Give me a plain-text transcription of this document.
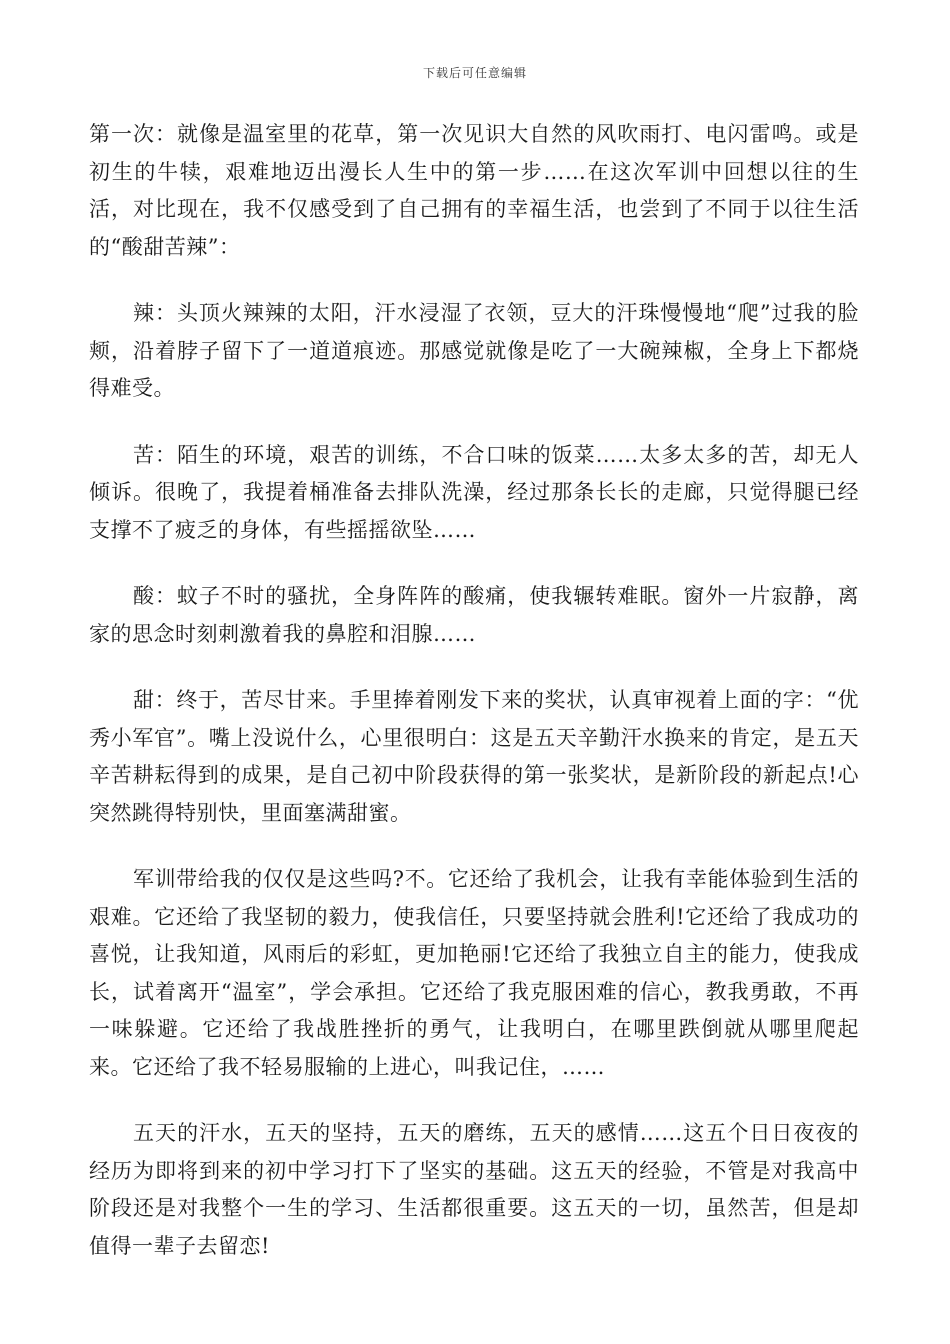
下载后可任意编辑

第一次：就像是温室里的花草，第一次见识大自然的风吹雨打、电闪雷鸣。或是初生的牛犊，艰难地迈出漫长人生中的第一步……在这次军训中回想以往的生活，对比现在，我不仅感受到了自己拥有的幸福生活，也尝到了不同于以往生活的“酸甜苦辣”：

辣：头顶火辣辣的太阳，汗水浸湿了衣领，豆大的汗珠慢慢地“爬”过我的脸颊，沿着脖子留下了一道道痕迹。那感觉就像是吃了一大碗辣椒，全身上下都烧得难受。

苦：陌生的环境，艰苦的训练，不合口味的饭菜……太多太多的苦，却无人倾诉。很晚了，我提着桶准备去排队洗澡，经过那条长长的走廊，只觉得腿已经支撑不了疲乏的身体，有些摇摇欲坠……

酸：蚊子不时的骚扰，全身阵阵的酸痛，使我辗转难眠。窗外一片寂静，离家的思念时刻刺激着我的鼻腔和泪腺……

甜：终于，苦尽甘来。手里捧着刚发下来的奖状，认真审视着上面的字：“优秀小军官”。嘴上没说什么，心里很明白：这是五天辛勤汗水换来的肯定，是五天辛苦耕耘得到的成果，是自己初中阶段获得的第一张奖状，是新阶段的新起点!心突然跳得特别快，里面塞满甜蜜。

军训带给我的仅仅是这些吗?不。它还给了我机会，让我有幸能体验到生活的艰难。它还给了我坚韧的毅力，使我信任，只要坚持就会胜利!它还给了我成功的喜悦，让我知道，风雨后的彩虹，更加艳丽!它还给了我独立自主的能力，使我成长，试着离开“温室”，学会承担。它还给了我克服困难的信心，教我勇敢，不再一味躲避。它还给了我战胜挫折的勇气，让我明白，在哪里跌倒就从哪里爬起来。它还给了我不轻易服输的上进心，叫我记住，……

五天的汗水，五天的坚持，五天的磨练，五天的感情……这五个日日夜夜的经历为即将到来的初中学习打下了坚实的基础。这五天的经验，不管是对我高中阶段还是对我整个一生的学习、生活都很重要。这五天的一切，虽然苦，但是却值得一辈子去留恋!
